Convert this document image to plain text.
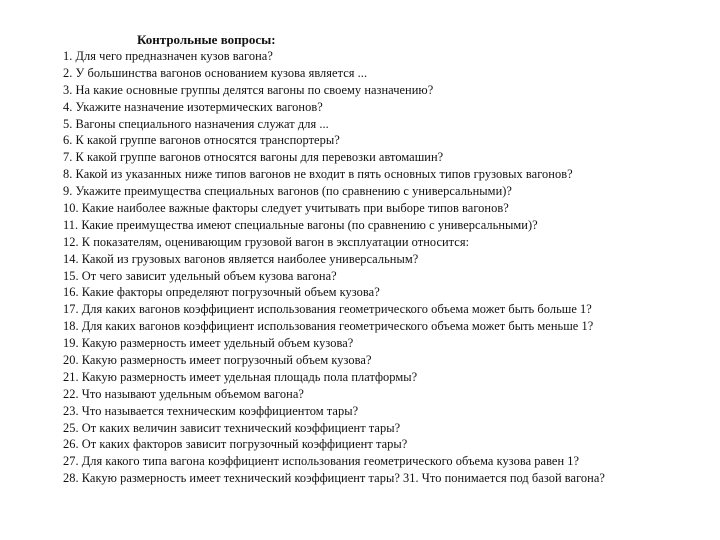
Контрольные вопросы:
1. Для чего предназначен кузов вагона?
2. У большинства вагонов основанием кузова является ...
3. На какие основные группы делятся вагоны по своему назначению?
4. Укажите назначение изотермических вагонов?
5. Вагоны специального назначения служат для ...
6. К какой группе вагонов относятся транспортеры?
7. К какой группе вагонов относятся вагоны для перевозки автомашин?
8. Какой из указанных ниже типов вагонов не входит в пять основных типов грузовых вагонов?
9. Укажите преимущества специальных вагонов (по сравнению с универсальными)?
10. Какие наиболее важные факторы следует учитывать при выборе типов вагонов?
11. Какие преимущества имеют специальные вагоны (по сравнению с универсальными)?
12. К показателям, оценивающим грузовой вагон в эксплуатации относится:
14. Какой из грузовых вагонов является наиболее универсальным?
15. От чего зависит удельный объем кузова вагона?
16. Какие факторы определяют погрузочный объем кузова?
17. Для каких вагонов коэффициент использования геометрического объема может быть больше 1?
18. Для каких вагонов коэффициент использования геометрического объема может быть меньше 1?
19. Какую размерность имеет удельный объем кузова?
20. Какую размерность имеет погрузочный объем кузова?
21. Какую размерность имеет удельная площадь пола платформы?
22. Что называют удельным объемом вагона?
23. Что называется техническим коэффициентом тары?
25. От каких величин зависит технический коэффициент тары?
26. От каких факторов зависит погрузочный коэффициент тары?
27. Для какого типа вагона коэффициент использования геометрического объема кузова равен 1?
28. Какую размерность имеет технический коэффициент тары? 31. Что понимается под базой вагона?
